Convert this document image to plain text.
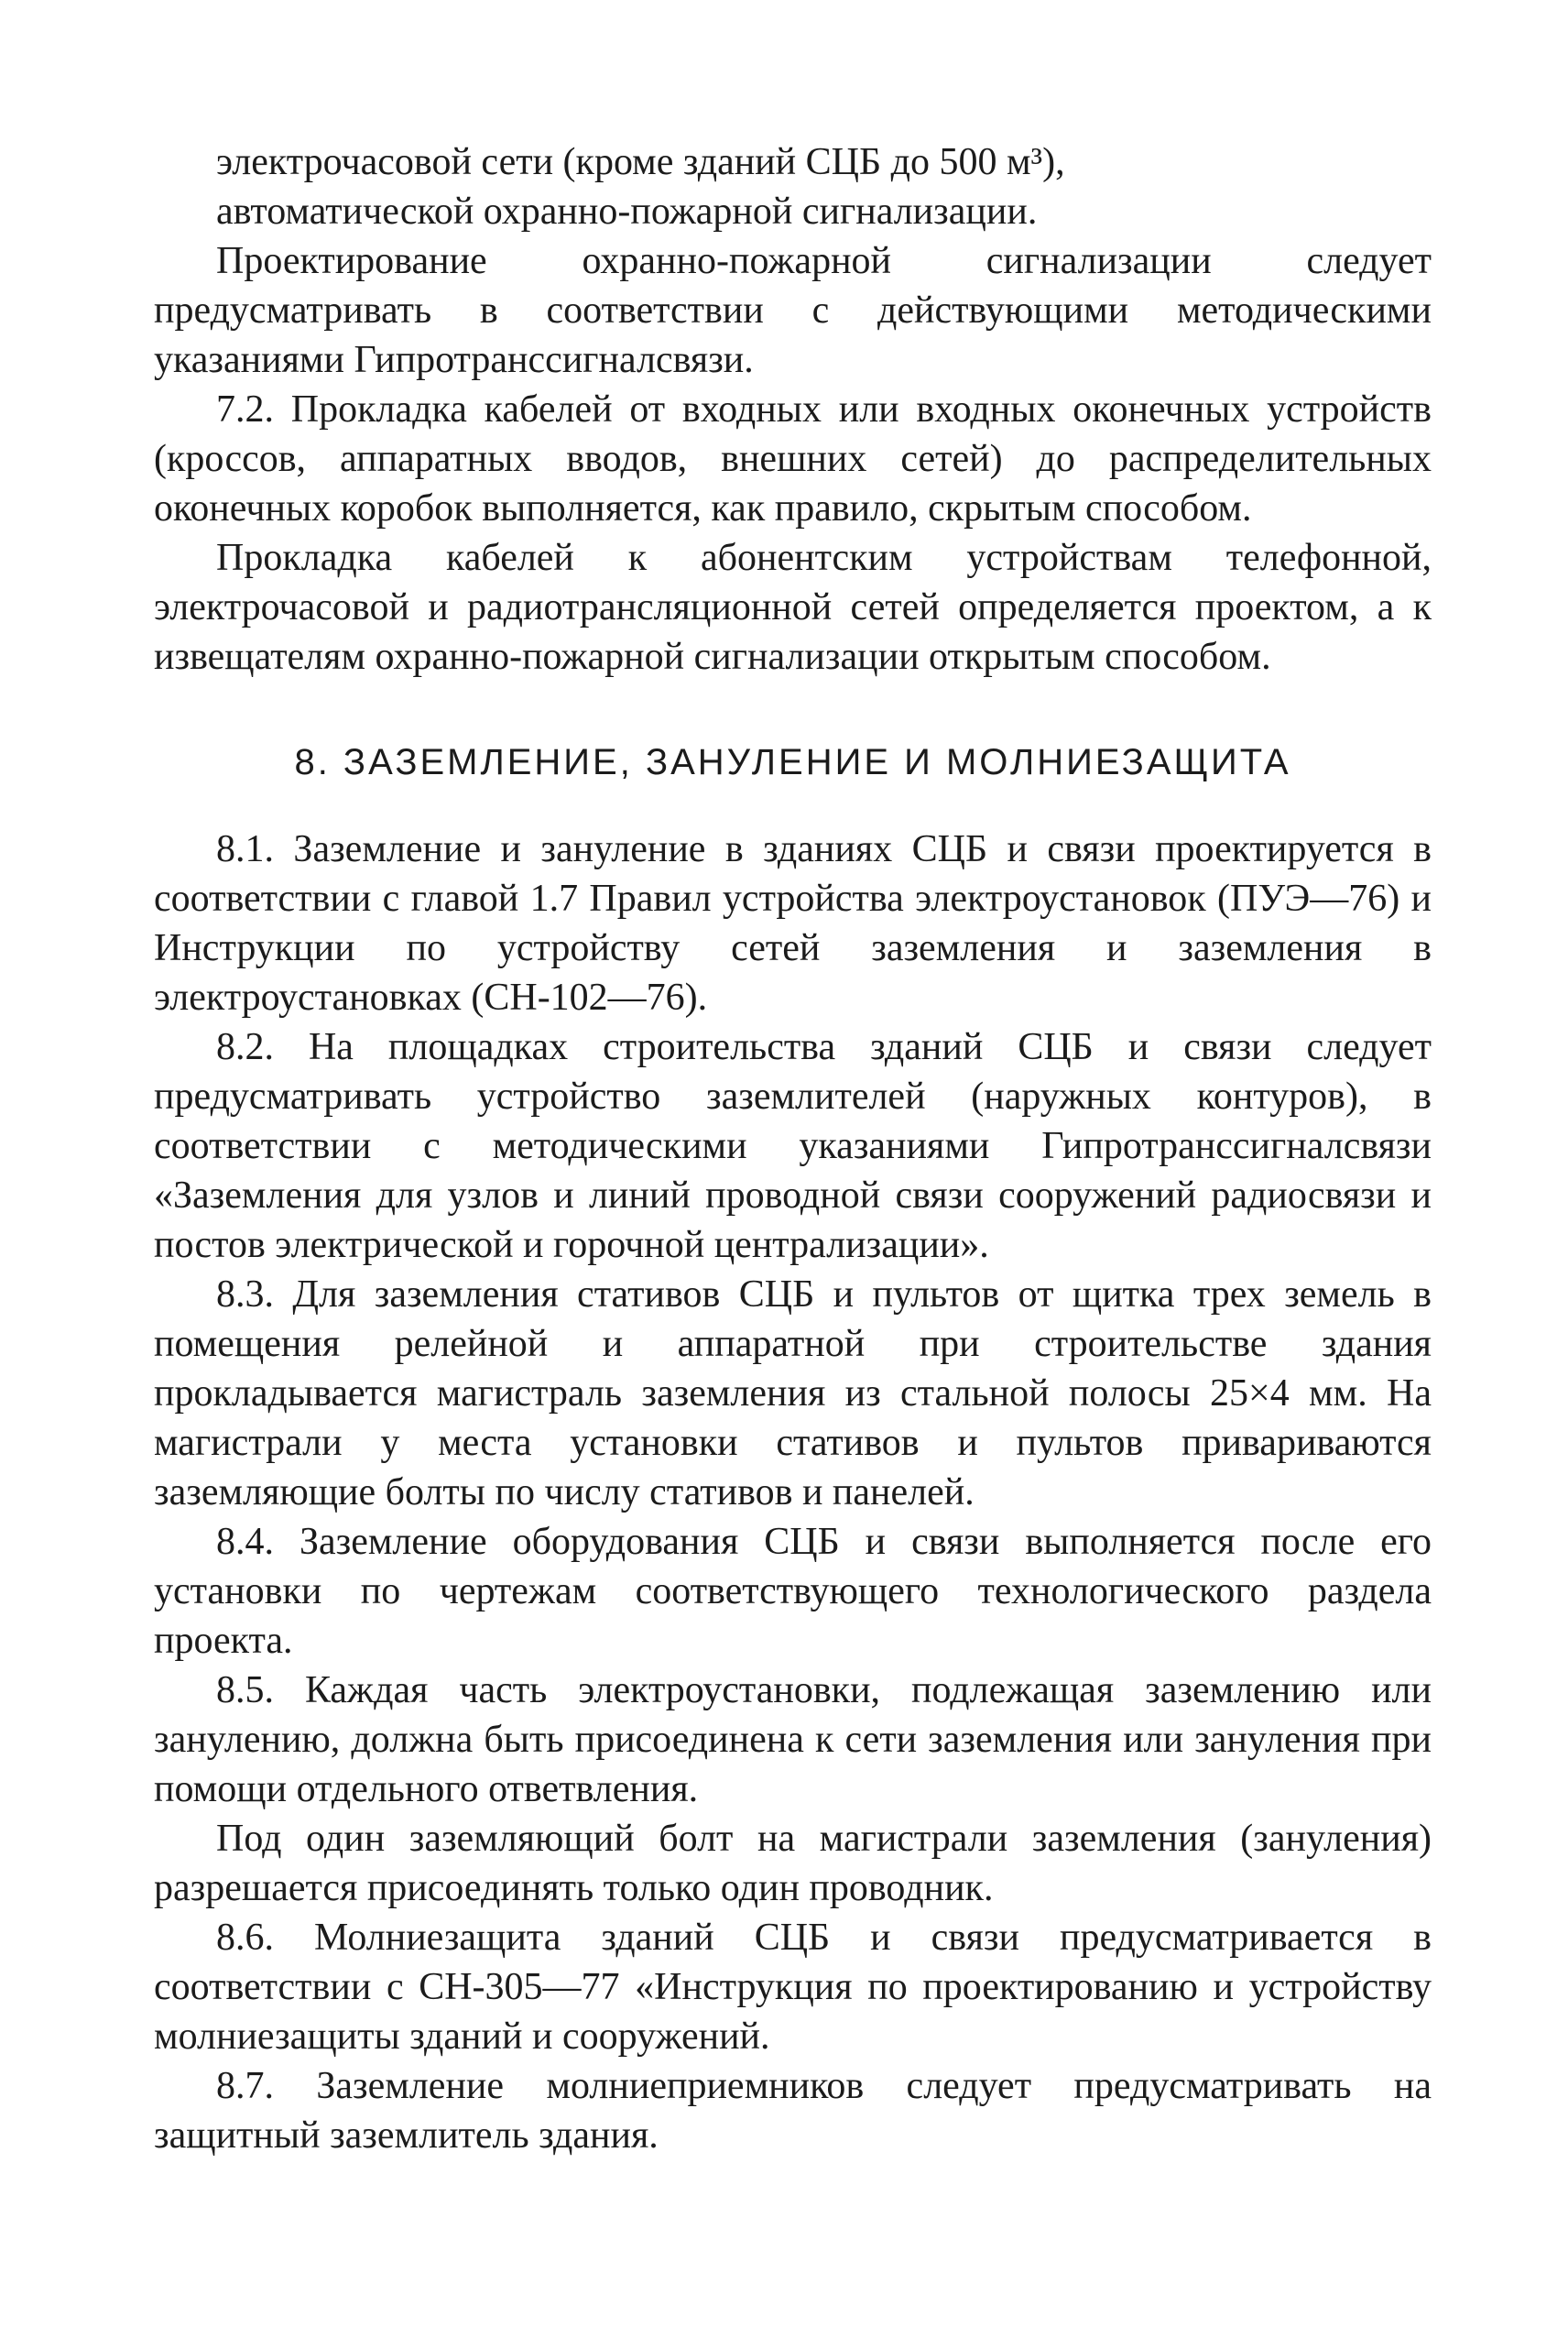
электрочасовой сети (кроме зданий СЦБ до 500 м³),

автоматической охранно-пожарной сигнализации.

Проектирование охранно-пожарной сигнализации следует предусматривать в соответствии с действующими методическими указаниями Гипротранссигналсвязи.

7.2. Прокладка кабелей от входных или входных оконечных устройств (кроссов, аппаратных вводов, внешних сетей) до распределительных оконечных коробок выполняется, как правило, скрытым способом.

Прокладка кабелей к абонентским устройствам телефонной, электрочасовой и радиотрансляционной сетей определяется проектом, а к извещателям охранно-пожарной сигнализации открытым способом.

8. ЗАЗЕМЛЕНИЕ, ЗАНУЛЕНИЕ И МОЛНИЕЗАЩИТА

8.1. Заземление и зануление в зданиях СЦБ и связи проектируется в соответствии с главой 1.7 Правил устройства электроустановок (ПУЭ—76) и Инструкции по устройству сетей заземления и заземления в электроустановках (СН-102—76).

8.2. На площадках строительства зданий СЦБ и связи следует предусматривать устройство заземлителей (наружных контуров), в соответствии с методическими указаниями Гипротранссигналсвязи «Заземления для узлов и линий проводной связи сооружений радиосвязи и постов электрической и горочной централизации».

8.3. Для заземления стативов СЦБ и пультов от щитка трех земель в помещения релейной и аппаратной при строительстве здания прокладывается магистраль заземления из стальной полосы 25×4 мм. На магистрали у места установки стативов и пультов привариваются заземляющие болты по числу стативов и панелей.

8.4. Заземление оборудования СЦБ и связи выполняется после его установки по чертежам соответствующего технологического раздела проекта.

8.5. Каждая часть электроустановки, подлежащая заземлению или занулению, должна быть присоединена к сети заземления или зануления при помощи отдельного ответвления.

Под один заземляющий болт на магистрали заземления (зануления) разрешается присоединять только один проводник.

8.6. Молниезащита зданий СЦБ и связи предусматривается в соответствии с СН-305—77 «Инструкция по проектированию и устройству молниезащиты зданий и сооружений.

8.7. Заземление молниеприемников следует предусматривать на защитный заземлитель здания.
